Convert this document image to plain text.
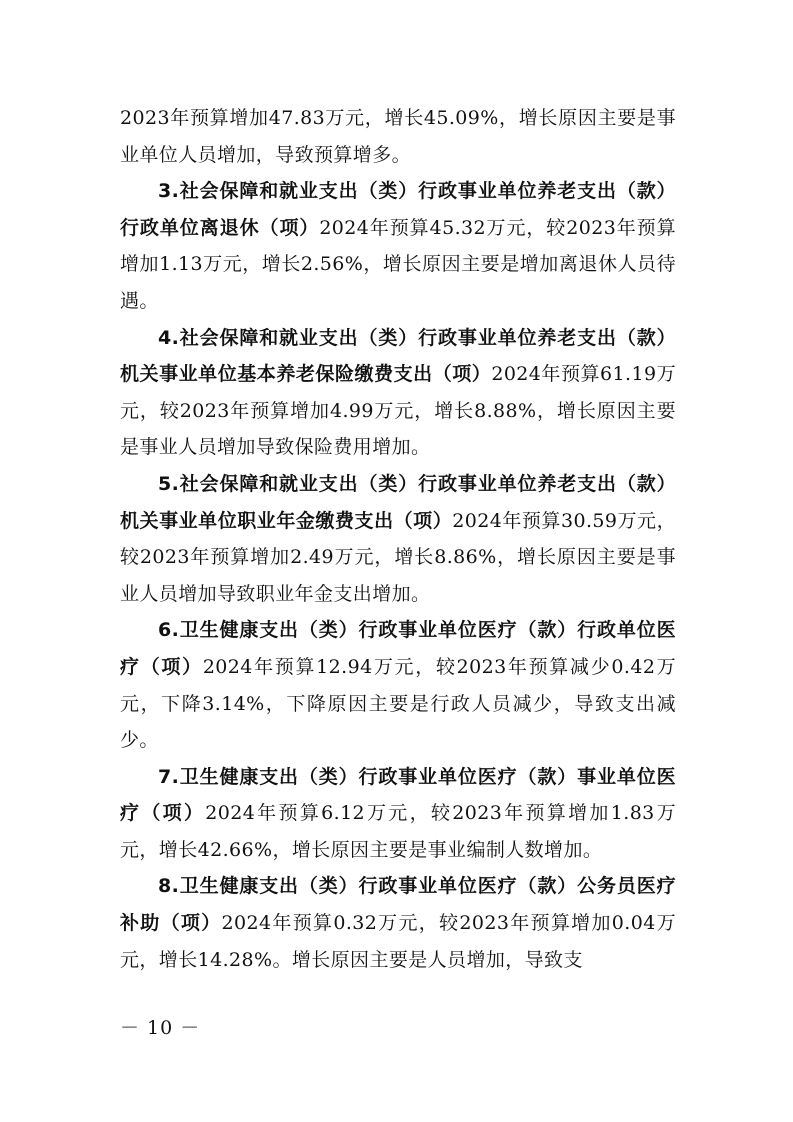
2023年预算增加47.83万元，增长45.09%，增长原因主要是事业单位人员增加，导致预算增多。

3.社会保障和就业支出（类）行政事业单位养老支出（款）行政单位离退休（项）2024年预算45.32万元，较2023年预算增加1.13万元，增长2.56%，增长原因主要是增加离退休人员待遇。

4.社会保障和就业支出（类）行政事业单位养老支出（款）机关事业单位基本养老保险缴费支出（项）2024年预算61.19万元，较2023年预算增加4.99万元，增长8.88%，增长原因主要是事业人员增加导致保险费用增加。

5.社会保障和就业支出（类）行政事业单位养老支出（款）机关事业单位职业年金缴费支出（项）2024年预算30.59万元，较2023年预算增加2.49万元，增长8.86%，增长原因主要是事业人员增加导致职业年金支出增加。

6.卫生健康支出（类）行政事业单位医疗（款）行政单位医疗（项）2024年预算12.94万元，较2023年预算减少0.42万元，下降3.14%，下降原因主要是行政人员减少，导致支出减少。

7.卫生健康支出（类）行政事业单位医疗（款）事业单位医疗（项）2024年预算6.12万元，较2023年预算增加1.83万元，增长42.66%，增长原因主要是事业编制人数增加。

8.卫生健康支出（类）行政事业单位医疗（款）公务员医疗补助（项）2024年预算0.32万元，较2023年预算增加0.04万元，增长14.28%。增长原因主要是人员增加，导致支

－ 10 －
